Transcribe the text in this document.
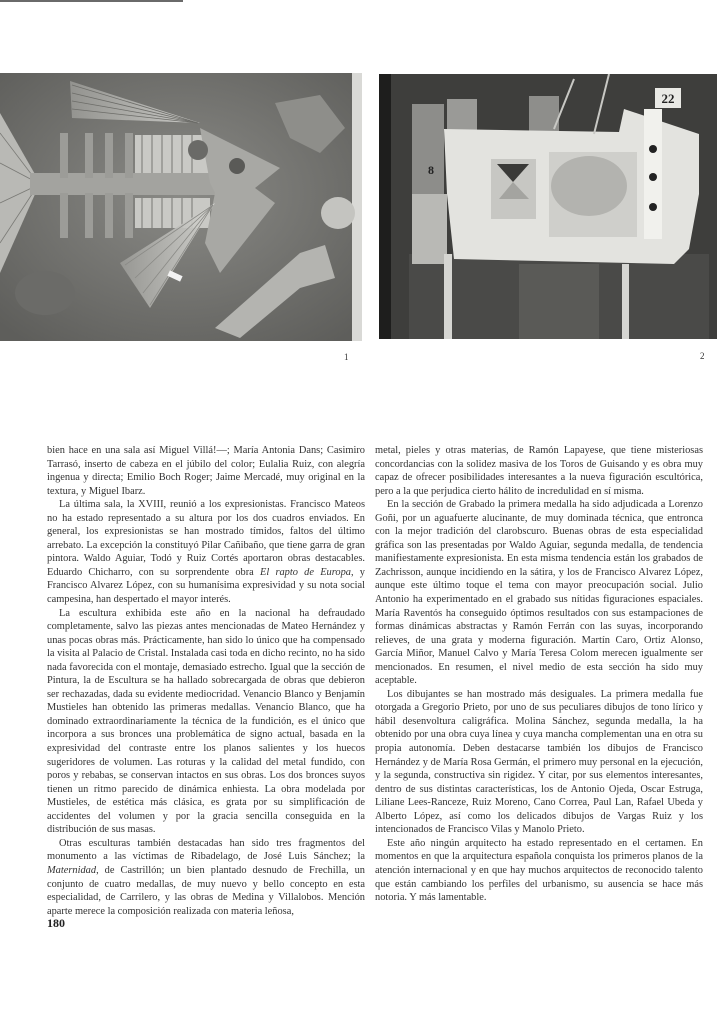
1
22
8
2

bien hace en una sala así Miguel Villá!—; María Antonia Dans; Casimiro Tarrasó, inserto de cabeza en el júbilo del color; Eulalia Ruiz, con alegría ingenua y directa; Emilio Boch Roger; Jaime Mercadé, muy original en la textura, y Miguel Ibarz.

La última sala, la XVIII, reunió a los expresionistas. Francisco Mateos no ha estado representado a su altura por los dos cuadros enviados. En general, los expresionistas se han mostrado tímidos, faltos del último arrebato. La excepción la constituyó Pilar Cañibaño, que tiene garra de gran pintora. Waldo Aguiar, Todó y Ruiz Cortés aportaron obras destacables. Eduardo Chicharro, con su sorprendente obra El rapto de Europa, y Francisco Alvarez López, con su humanísima expresividad y su nota social campesina, han despertado el mayor interés.

La escultura exhibida este año en la nacional ha defraudado completamente, salvo las piezas antes mencionadas de Mateo Hernández y unas pocas obras más. Prácticamente, han sido lo único que ha compensado la visita al Palacio de Cristal. Instalada casi toda en dicho recinto, no ha sido nada favorecida con el montaje, demasiado estrecho. Igual que la sección de Pintura, la de Escultura se ha hallado sobrecargada de obras que debieron ser rechazadas, dada su evidente mediocridad. Venancio Blanco y Benjamín Mustieles han obtenido las primeras medallas. Venancio Blanco, que ha dominado extraordinariamente la técnica de la fundición, es el único que incorpora a sus bronces una problemática de signo actual, basada en la expresividad del contraste entre los planos salientes y los huecos sugeridores de volumen. Las roturas y la calidad del metal fundido, con poros y rebabas, se conservan intactos en sus obras. Los dos bronces suyos tienen un ritmo parecido de dinámica enhiesta. La obra modelada por Mustieles, de estética más clásica, es grata por su simplificación de accidentes del volumen y por la gracia sencilla conseguida en la distribución de sus masas.

Otras esculturas también destacadas han sido tres fragmentos del monumento a las víctimas de Ribadelago, de José Luis Sánchez; la Maternidad, de Castrillón; un bien plantado desnudo de Frechilla, un conjunto de cuatro medallas, de muy nuevo y bello concepto en esta especialidad, de Carrilero, y las obras de Medina y Villalobos. Mención aparte merece la composición realizada con materia leñosa,

metal, pieles y otras materias, de Ramón Lapayese, que tiene misteriosas concordancias con la solidez masiva de los Toros de Guisando y es obra muy capaz de ofrecer posibilidades interesantes a la nueva figuración escultórica, pero a la que perjudica cierto hálito de incredulidad en sí misma.

En la sección de Grabado la primera medalla ha sido adjudicada a Lorenzo Goñi, por un aguafuerte alucinante, de muy dominada técnica, que entronca con la mejor tradición del clarobscuro. Buenas obras de esta especialidad gráfica son las presentadas por Waldo Aguiar, segunda medalla, de tendencia manifiestamente expresionista. En esta misma tendencia están los grabados de Zachrisson, aunque incidiendo en la sátira, y los de Francisco Alvarez López, aunque este último toque el tema con mayor preocupación social. Julio Antonio ha experimentado en el grabado sus nítidas figuraciones espaciales. María Raventós ha conseguido óptimos resultados con sus estampaciones de formas dinámicas abstractas y Ramón Ferrán con las suyas, incorporando relieves, de una grata y moderna figuración. Martín Caro, Ortiz Alonso, García Miñor, Manuel Calvo y María Teresa Colom merecen igualmente ser mencionados. En resumen, el nivel medio de esta sección ha sido muy aceptable.

Los dibujantes se han mostrado más desiguales. La primera medalla fue otorgada a Gregorio Prieto, por uno de sus peculiares dibujos de tono lírico y hábil desenvoltura caligráfica. Molina Sánchez, segunda medalla, la ha obtenido por una obra cuya línea y cuya mancha complementan una en otra su propia autonomía. Deben destacarse también los dibujos de Francisco Hernández y de María Rosa Germán, el primero muy personal en la ejecución, y la segunda, constructiva sin rigidez. Y citar, por sus elementos interesantes, dentro de sus distintas características, los de Antonio Ojeda, Oscar Estruga, Liliane Lees-Ranceze, Ruiz Moreno, Cano Correa, Paul Lan, Rafael Ubeda y Alberto López, así como los delicados dibujos de Vargas Ruiz y los intencionados de Francisco Vilas y Manolo Prieto.

Este año ningún arquitecto ha estado representado en el certamen. En momentos en que la arquitectura española conquista los primeros planos de la atención internacional y en que hay muchos arquitectos de reconocido talento que están cambiando los perfiles del urbanismo, su ausencia se hace más notoria. Y más lamentable.

180
